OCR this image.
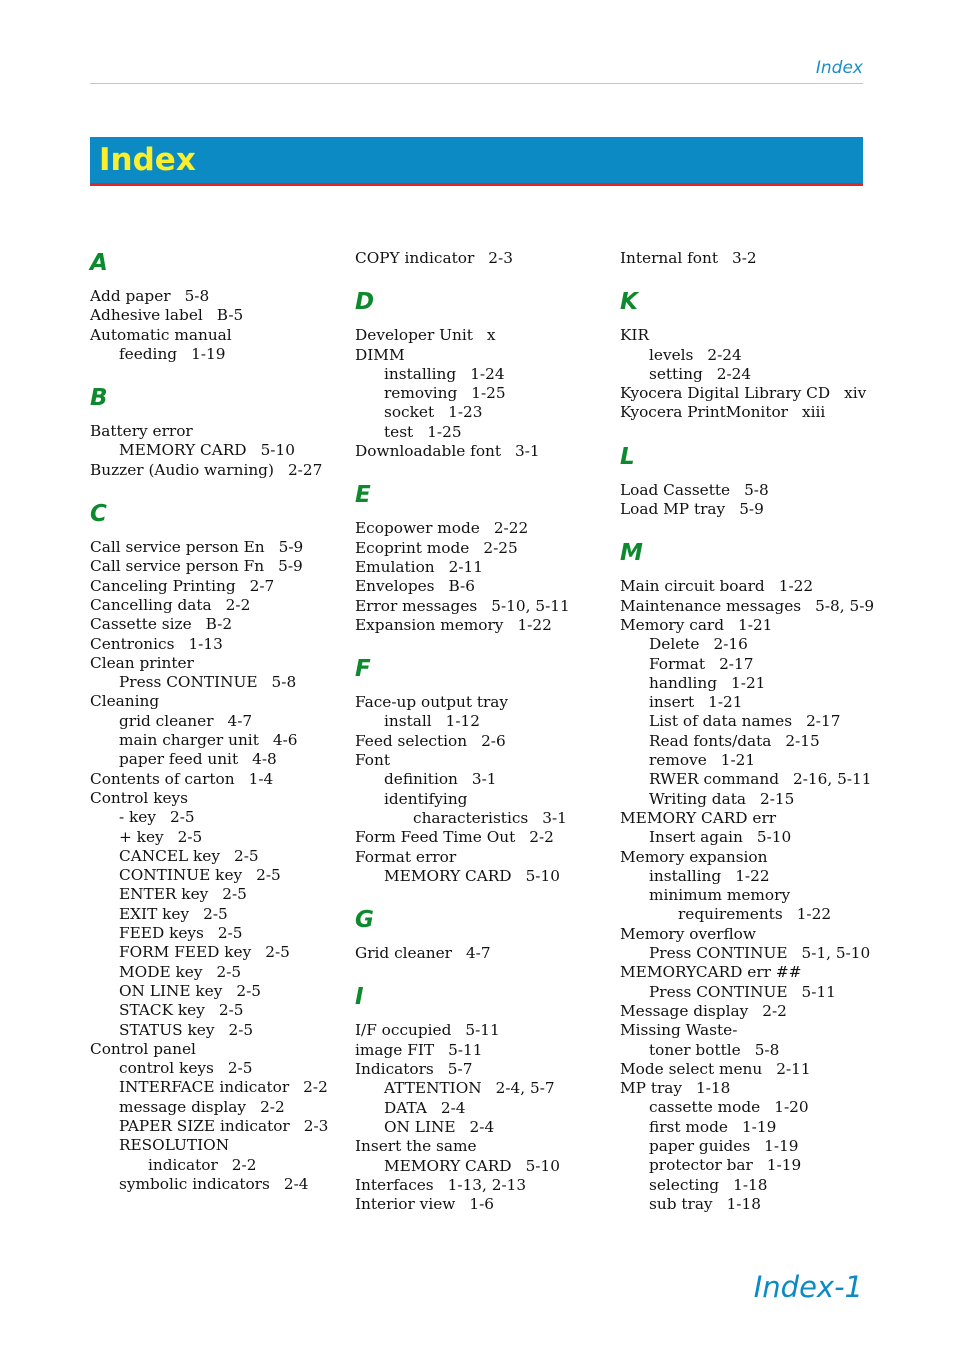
Index
Index
A
Add paper 5-8
Adhesive label B-5
Automatic manual
feeding 1-19
B
Battery error
MEMORY CARD 5-10
Buzzer (Audio warning) 2-27
C
Call service person En 5-9
Call service person Fn 5-9
Canceling Printing 2-7
Cancelling data 2-2
Cassette size B-2
Centronics 1-13
Clean printer
Press CONTINUE 5-8
Cleaning
grid cleaner 4-7
main charger unit 4-6
paper feed unit 4-8
Contents of carton 1-4
Control keys
- key 2-5
+ key 2-5
CANCEL key 2-5
CONTINUE key 2-5
ENTER key 2-5
EXIT key 2-5
FEED keys 2-5
FORM FEED key 2-5
MODE key 2-5
ON LINE key 2-5
STACK key 2-5
STATUS key 2-5
Control panel
control keys 2-5
INTERFACE indicator 2-2
message display 2-2
PAPER SIZE indicator 2-3
RESOLUTION
indicator 2-2
symbolic indicators 2-4
COPY indicator 2-3
D
Developer Unit x
DIMM
installing 1-24
removing 1-25
socket 1-23
test 1-25
Downloadable font 3-1
E
Ecopower mode 2-22
Ecoprint mode 2-25
Emulation 2-11
Envelopes B-6
Error messages 5-10, 5-11
Expansion memory 1-22
F
Face-up output tray
install 1-12
Feed selection 2-6
Font
definition 3-1
identifying
characteristics 3-1
Form Feed Time Out 2-2
Format error
MEMORY CARD 5-10
G
Grid cleaner 4-7
I
I/F occupied 5-11
image FIT 5-11
Indicators 5-7
ATTENTION 2-4, 5-7
DATA 2-4
ON LINE 2-4
Insert the same
MEMORY CARD 5-10
Interfaces 1-13, 2-13
Interior view 1-6
Internal font 3-2
K
KIR
levels 2-24
setting 2-24
Kyocera Digital Library CD xiv
Kyocera PrintMonitor xiii
L
Load Cassette 5-8
Load MP tray 5-9
M
Main circuit board 1-22
Maintenance messages 5-8, 5-9
Memory card 1-21
Delete 2-16
Format 2-17
handling 1-21
insert 1-21
List of data names 2-17
Read fonts/data 2-15
remove 1-21
RWER command 2-16, 5-11
Writing data 2-15
MEMORY CARD err
Insert again 5-10
Memory expansion
installing 1-22
minimum memory
requirements 1-22
Memory overflow
Press CONTINUE 5-1, 5-10
MEMORYCARD err ##
Press CONTINUE 5-11
Message display 2-2
Missing Waste-
toner bottle 5-8
Mode select menu 2-11
MP tray 1-18
cassette mode 1-20
first mode 1-19
paper guides 1-19
protector bar 1-19
selecting 1-18
sub tray 1-18
Index-1
